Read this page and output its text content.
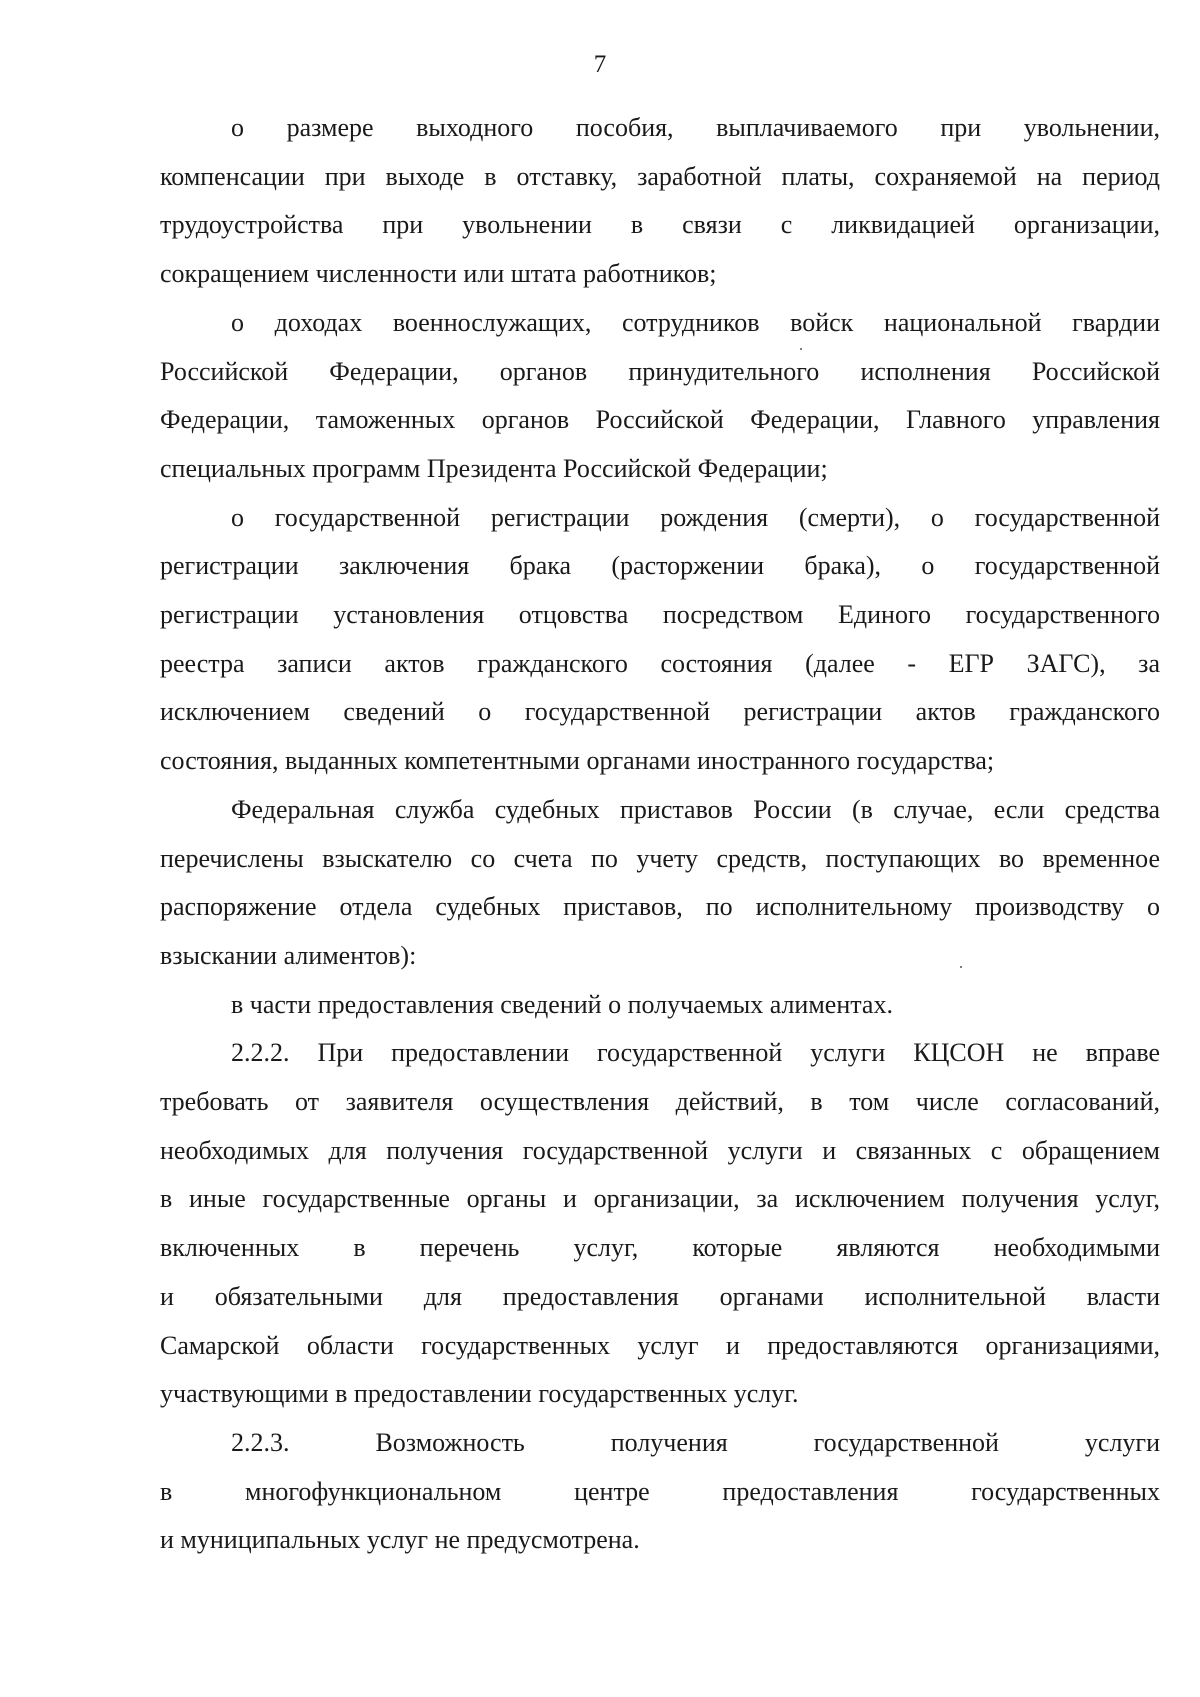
7

о размере выходного пособия, выплачиваемого при увольнении,
компенсации при выходе в отставку, заработной платы, сохраняемой на период
трудоустройства при увольнении в связи с ликвидацией организации,
сокращением численности или штата работников;

о доходах военнослужащих, сотрудников войск национальной гвардии
Российской Федерации, органов принудительного исполнения Российской
Федерации, таможенных органов Российской Федерации, Главного управления
специальных программ Президента Российской Федерации;

о государственной регистрации рождения (смерти), о государственной
регистрации заключения брака (расторжении брака), о государственной
регистрации установления отцовства посредством Единого государственного
реестра записи актов гражданского состояния (далее - ЕГР ЗАГС), за
исключением сведений о государственной регистрации актов гражданского
состояния, выданных компетентными органами иностранного государства;

Федеральная служба судебных приставов России (в случае, если средства
перечислены взыскателю со счета по учету средств, поступающих во временное
распоряжение отдела судебных приставов, по исполнительному производству о
взыскании алиментов):

в части предоставления сведений о получаемых алиментах.

2.2.2. При предоставлении государственной услуги КЦСОН не вправе
требовать от заявителя осуществления действий, в том числе согласований,
необходимых для получения государственной услуги и связанных с обращением
в иные государственные органы и организации, за исключением получения услуг,
включенных в перечень услуг, которые являются необходимыми
и обязательными для предоставления органами исполнительной власти
Самарской области государственных услуг и предоставляются организациями,
участвующими в предоставлении государственных услуг.

2.2.3. Возможность получения государственной услуги
в многофункциональном центре предоставления государственных
и муниципальных услуг не предусмотрена.
